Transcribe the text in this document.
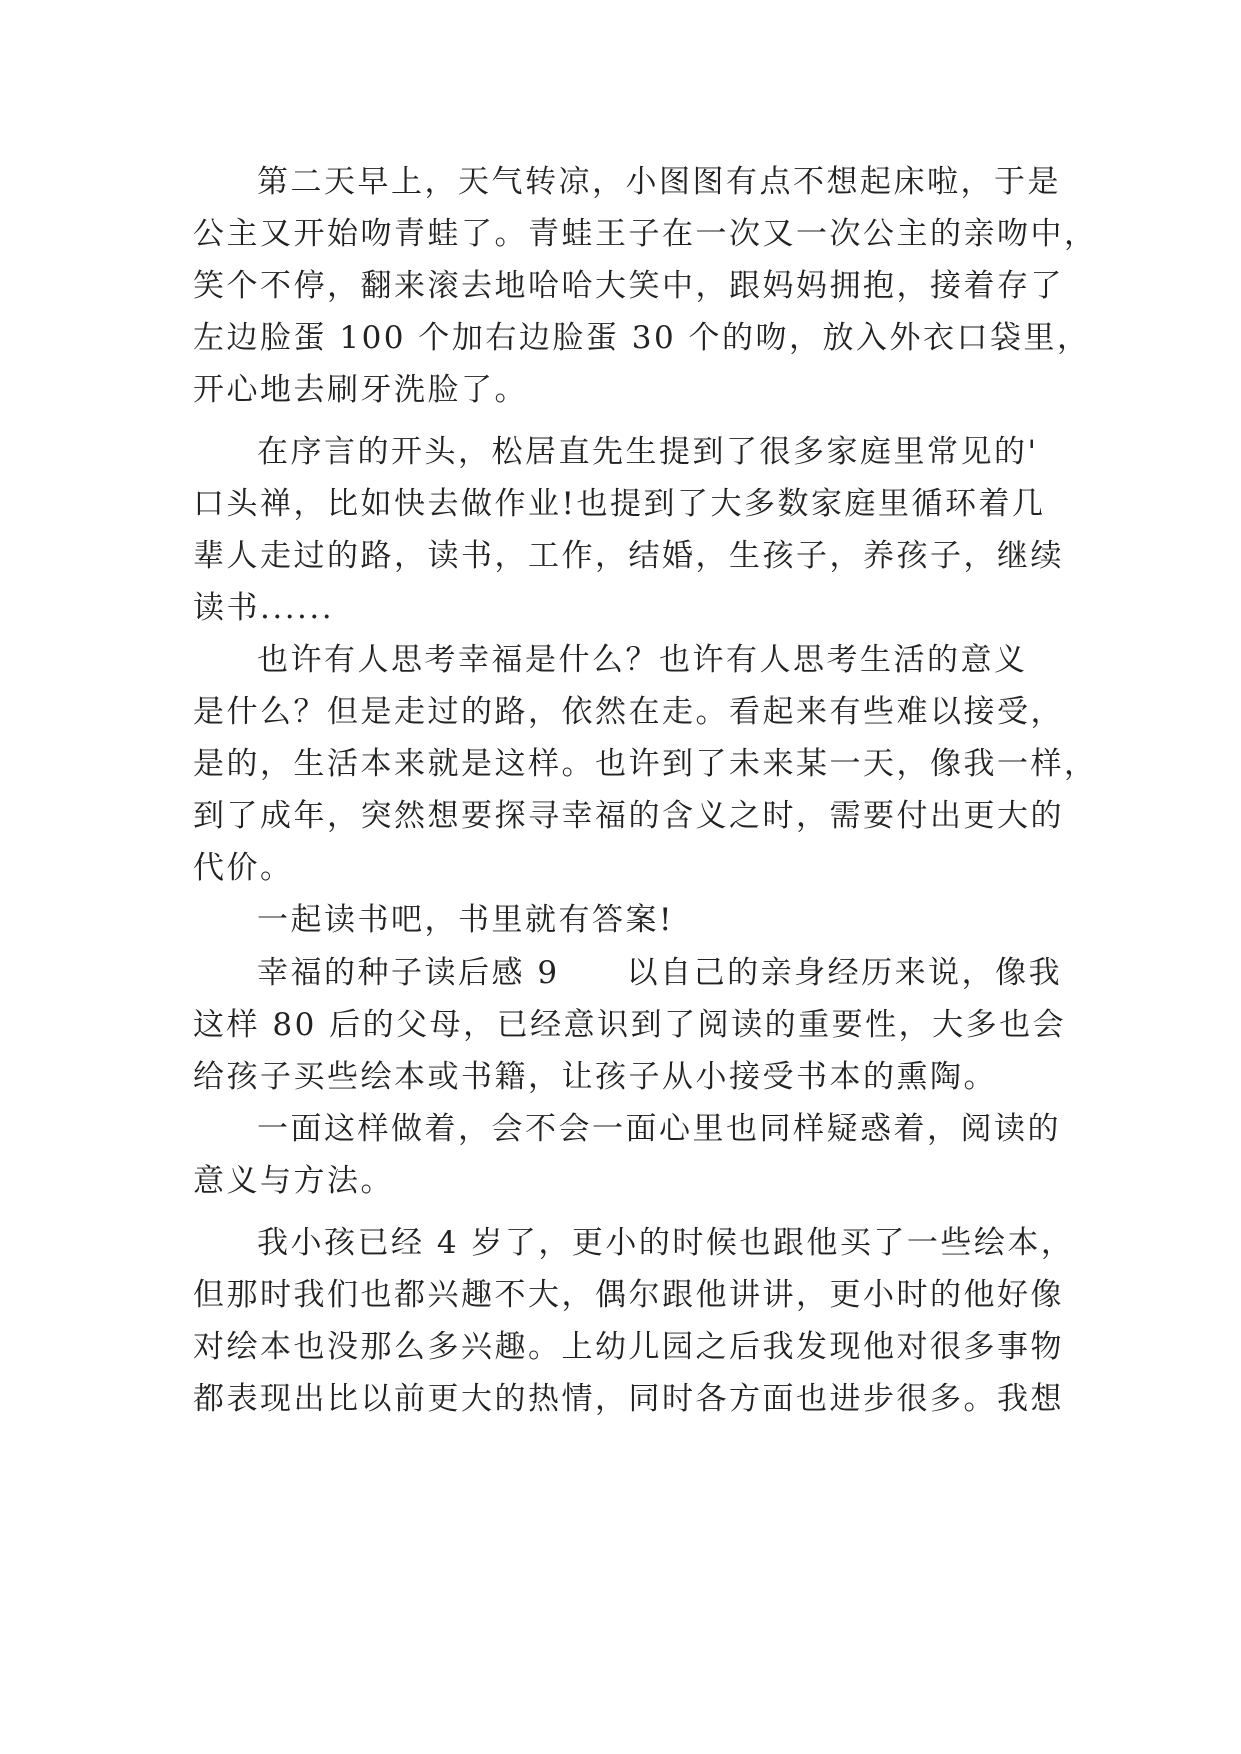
第二天早上，天气转凉，小图图有点不想起床啦，于是
公主又开始吻青蛙了。青蛙王子在一次又一次公主的亲吻中，
笑个不停，翻来滚去地哈哈大笑中，跟妈妈拥抱，接着存了
左边脸蛋 100 个加右边脸蛋 30 个的吻，放入外衣口袋里，
开心地去刷牙洗脸了。
在序言的开头，松居直先生提到了很多家庭里常见的'
口头禅，比如快去做作业!也提到了大多数家庭里循环着几
辈人走过的路，读书，工作，结婚，生孩子，养孩子，继续
读书......
也许有人思考幸福是什么？也许有人思考生活的意义
是什么？但是走过的路，依然在走。看起来有些难以接受，
是的，生活本来就是这样。也许到了未来某一天，像我一样，
到了成年，突然想要探寻幸福的含义之时，需要付出更大的
代价。
一起读书吧，书里就有答案!
幸福的种子读后感 9　　以自己的亲身经历来说，像我
这样 80 后的父母，已经意识到了阅读的重要性，大多也会
给孩子买些绘本或书籍，让孩子从小接受书本的熏陶。
一面这样做着，会不会一面心里也同样疑惑着，阅读的
意义与方法。
我小孩已经 4 岁了，更小的时候也跟他买了一些绘本，
但那时我们也都兴趣不大，偶尔跟他讲讲，更小时的他好像
对绘本也没那么多兴趣。上幼儿园之后我发现他对很多事物
都表现出比以前更大的热情，同时各方面也进步很多。我想
